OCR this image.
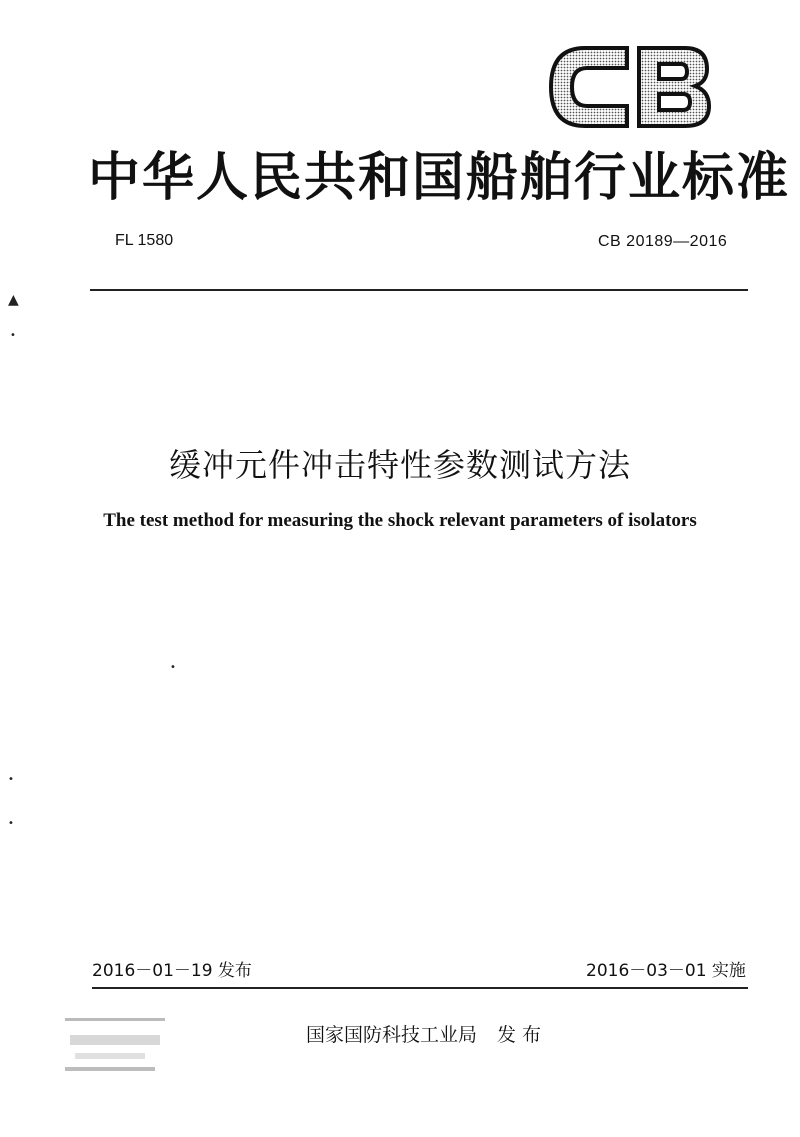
中华人民共和国船舶行业标准
FL 1580	CB 20189—2016
▲
•
缓冲元件冲击特性参数测试方法
The test method for measuring the shock relevant parameters of isolators
•
•
•
2016－01－19 发布	2016－03－01 实施
国家国防科技工业局 发 布
